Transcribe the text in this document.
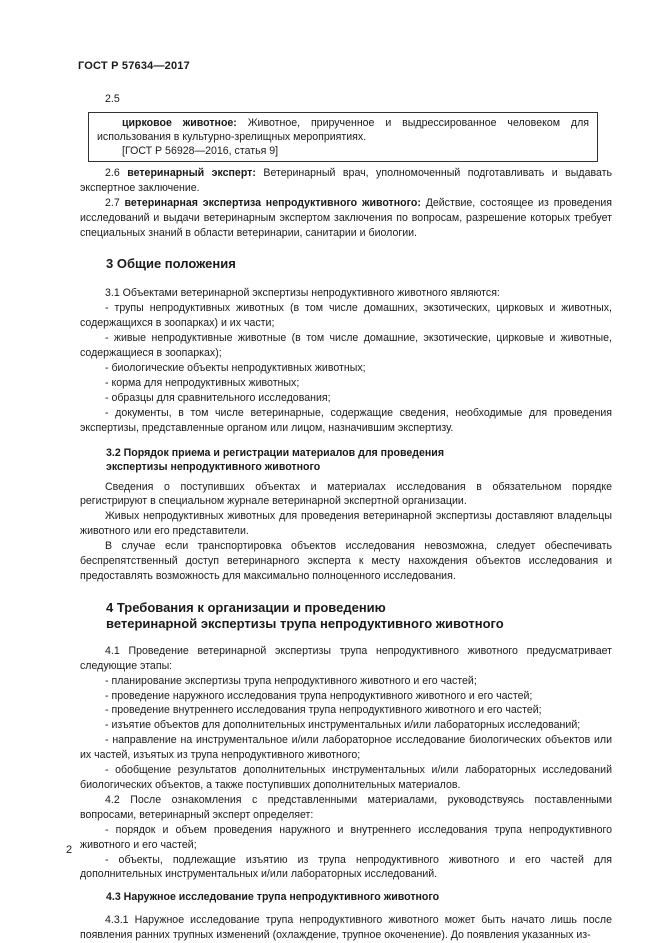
ГОСТ Р 57634—2017

2.5

цирковое животное: Животное, прирученное и выдрессированное человеком для использования в культурно-зрелищных мероприятиях.

[ГОСТ Р 56928—2016, статья 9]

2.6 ветеринарный эксперт: Ветеринарный врач, уполномоченный подготавливать и выдавать экспертное заключение.

2.7 ветеринарная экспертиза непродуктивного животного: Действие, состоящее из проведения исследований и выдачи ветеринарным экспертом заключения по вопросам, разрешение которых требует специальных знаний в области ветеринарии, санитарии и биологии.

3 Общие положения

3.1 Объектами ветеринарной экспертизы непродуктивного животного являются:

- трупы непродуктивных животных (в том числе домашних, экзотических, цирковых и животных, содержащихся в зоопарках) и их части;

- живые непродуктивные животные (в том числе домашние, экзотические, цирковые и животные, содержащиеся в зоопарках);

- биологические объекты непродуктивных животных;

- корма для непродуктивных животных;

- образцы для сравнительного исследования;

- документы, в том числе ветеринарные, содержащие сведения, необходимые для проведения экспертизы, представленные органом или лицом, назначившим экспертизу.

3.2 Порядок приема и регистрации материалов для проведения экспертизы непродуктивного животного

Сведения о поступивших объектах и материалах исследования в обязательном порядке регистрируют в специальном журнале ветеринарной экспертной организации.

Живых непродуктивных животных для проведения ветеринарной экспертизы доставляют владельцы животного или его представители.

В случае если транспортировка объектов исследования невозможна, следует обеспечивать беспрепятственный доступ ветеринарного эксперта к месту нахождения объектов исследования и предоставлять возможность для максимально полноценного исследования.

4 Требования к организации и проведению
ветеринарной экспертизы трупа непродуктивного животного

4.1 Проведение ветеринарной экспертизы трупа непродуктивного животного предусматривает следующие этапы:

- планирование экспертизы трупа непродуктивного животного и его частей;

- проведение наружного исследования трупа непродуктивного животного и его частей;

- проведение внутреннего исследования трупа непродуктивного животного и его частей;

- изъятие объектов для дополнительных инструментальных и/или лабораторных исследований;

- направление на инструментальное и/или лабораторное исследование биологических объектов или их частей, изъятых из трупа непродуктивного животного;

- обобщение результатов дополнительных инструментальных и/или лабораторных исследований биологических объектов, а также поступивших дополнительных материалов.

4.2 После ознакомления с представленными материалами, руководствуясь поставленными вопросами, ветеринарный эксперт определяет:

- порядок и объем проведения наружного и внутреннего исследования трупа непродуктивного животного и его частей;

- объекты, подлежащие изъятию из трупа непродуктивного животного и его частей для дополнительных инструментальных и/или лабораторных исследований.

4.3 Наружное исследование трупа непродуктивного животного

4.3.1 Наружное исследование трупа непродуктивного животного может быть начато лишь после появления ранних трупных изменений (охлаждение, трупное окоченение). До появления указанных из-

2
